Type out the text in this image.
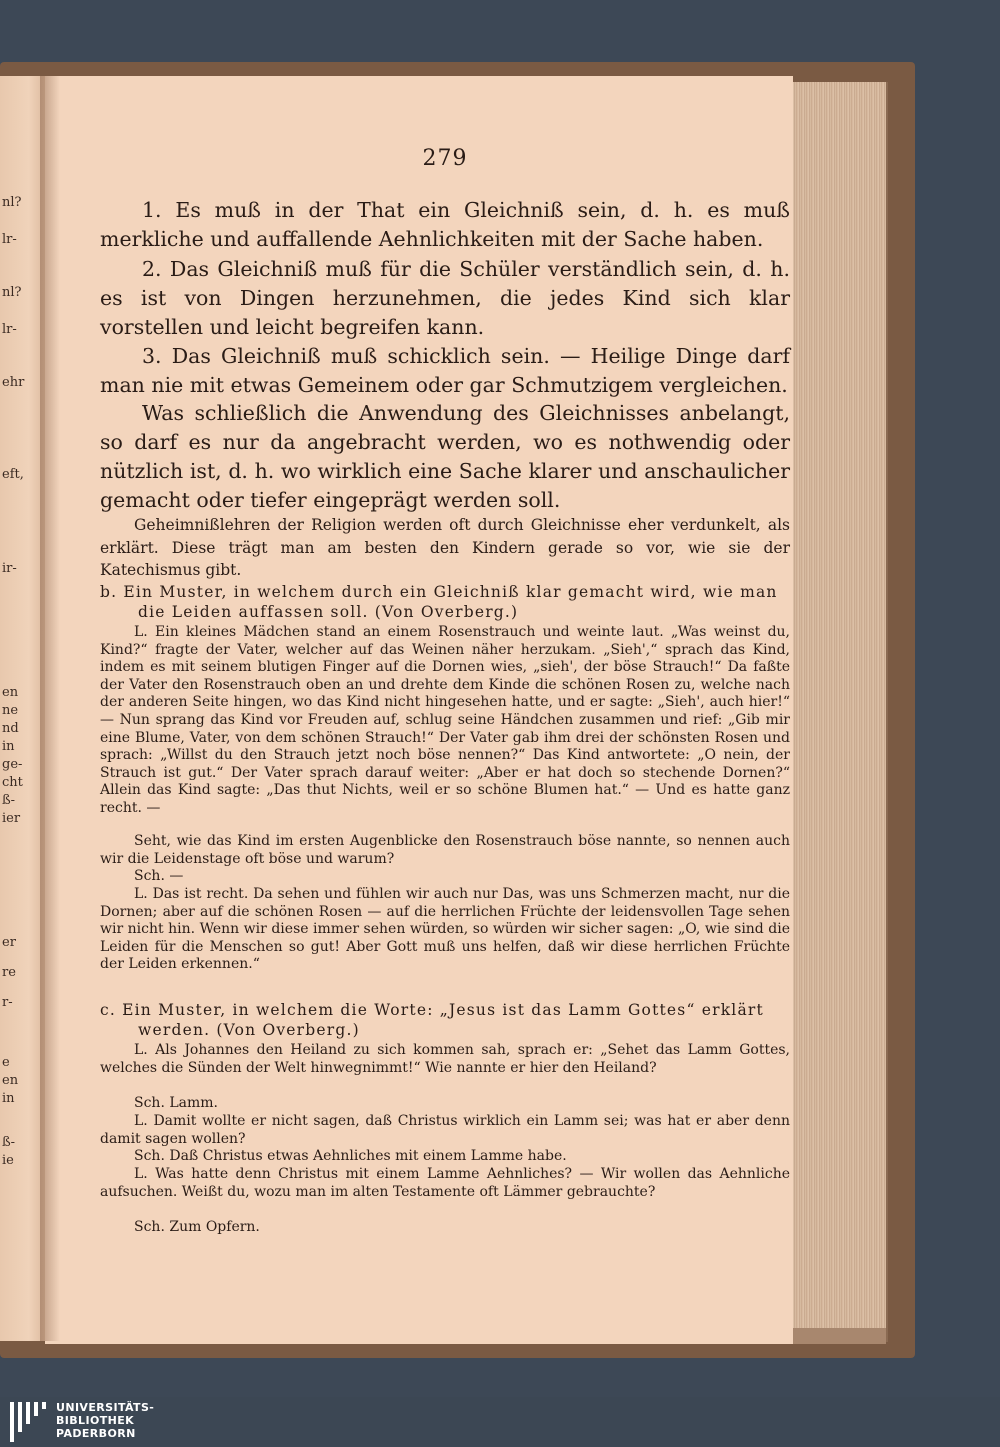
nl?
lr-
nl?
lr-
ehr
eft,
ir-
en
ne
nd
in
ge-
cht
ß-
ier
er
re
r-
e
en
in
ß-
ie
279

1. Es muß in der That ein Gleichniß sein, d. h. es muß merkliche und auffallende Aehnlichkeiten mit der Sache haben.

2. Das Gleichniß muß für die Schüler verständlich sein, d. h. es ist von Dingen herzunehmen, die jedes Kind sich klar vorstellen und leicht begreifen kann.

3. Das Gleichniß muß schicklich sein. — Heilige Dinge darf man nie mit etwas Gemeinem oder gar Schmutzigem vergleichen.

Was schließlich die Anwendung des Gleichnisses anbelangt, so darf es nur da angebracht werden, wo es nothwendig oder nützlich ist, d. h. wo wirklich eine Sache klarer und anschaulicher gemacht oder tiefer eingeprägt werden soll.

Geheimnißlehren der Religion werden oft durch Gleichnisse eher verdunkelt, als erklärt. Diese trägt man am besten den Kindern gerade so vor, wie sie der Katechismus gibt.

b. Ein Muster, in welchem durch ein Gleichniß klar gemacht wird, wie man die Leiden auffassen soll. (Von Overberg.)

L. Ein kleines Mädchen stand an einem Rosenstrauch und weinte laut. „Was weinst du, Kind?“ fragte der Vater, welcher auf das Weinen näher herzukam. „Sieh',“ sprach das Kind, indem es mit seinem blutigen Finger auf die Dornen wies, „sieh', der böse Strauch!“ Da faßte der Vater den Rosenstrauch oben an und drehte dem Kinde die schönen Rosen zu, welche nach der anderen Seite hingen, wo das Kind nicht hingesehen hatte, und er sagte: „Sieh', auch hier!“ — Nun sprang das Kind vor Freuden auf, schlug seine Händchen zusammen und rief: „Gib mir eine Blume, Vater, von dem schönen Strauch!“ Der Vater gab ihm drei der schönsten Rosen und sprach: „Willst du den Strauch jetzt noch böse nennen?“ Das Kind antwortete: „O nein, der Strauch ist gut.“ Der Vater sprach darauf weiter: „Aber er hat doch so stechende Dornen?“ Allein das Kind sagte: „Das thut Nichts, weil er so schöne Blumen hat.“ — Und es hatte ganz recht. —

Seht, wie das Kind im ersten Augenblicke den Rosenstrauch böse nannte, so nennen auch wir die Leidenstage oft böse und warum?

Sch. —

L. Das ist recht. Da sehen und fühlen wir auch nur Das, was uns Schmerzen macht, nur die Dornen; aber auf die schönen Rosen — auf die herrlichen Früchte der leidensvollen Tage sehen wir nicht hin. Wenn wir diese immer sehen würden, so würden wir sicher sagen: „O, wie sind die Leiden für die Menschen so gut! Aber Gott muß uns helfen, daß wir diese herrlichen Früchte der Leiden erkennen.“

c. Ein Muster, in welchem die Worte: „Jesus ist das Lamm Gottes“ erklärt werden. (Von Overberg.)

L. Als Johannes den Heiland zu sich kommen sah, sprach er: „Sehet das Lamm Gottes, welches die Sünden der Welt hinwegnimmt!“ Wie nannte er hier den Heiland?

Sch. Lamm.

L. Damit wollte er nicht sagen, daß Christus wirklich ein Lamm sei; was hat er aber denn damit sagen wollen?

Sch. Daß Christus etwas Aehnliches mit einem Lamme habe.

L. Was hatte denn Christus mit einem Lamme Aehnliches? — Wir wollen das Aehnliche aufsuchen. Weißt du, wozu man im alten Testamente oft Lämmer gebrauchte?

Sch. Zum Opfern.

UNIVERSITÄTS-
BIBLIOTHEK
PADERBORN
